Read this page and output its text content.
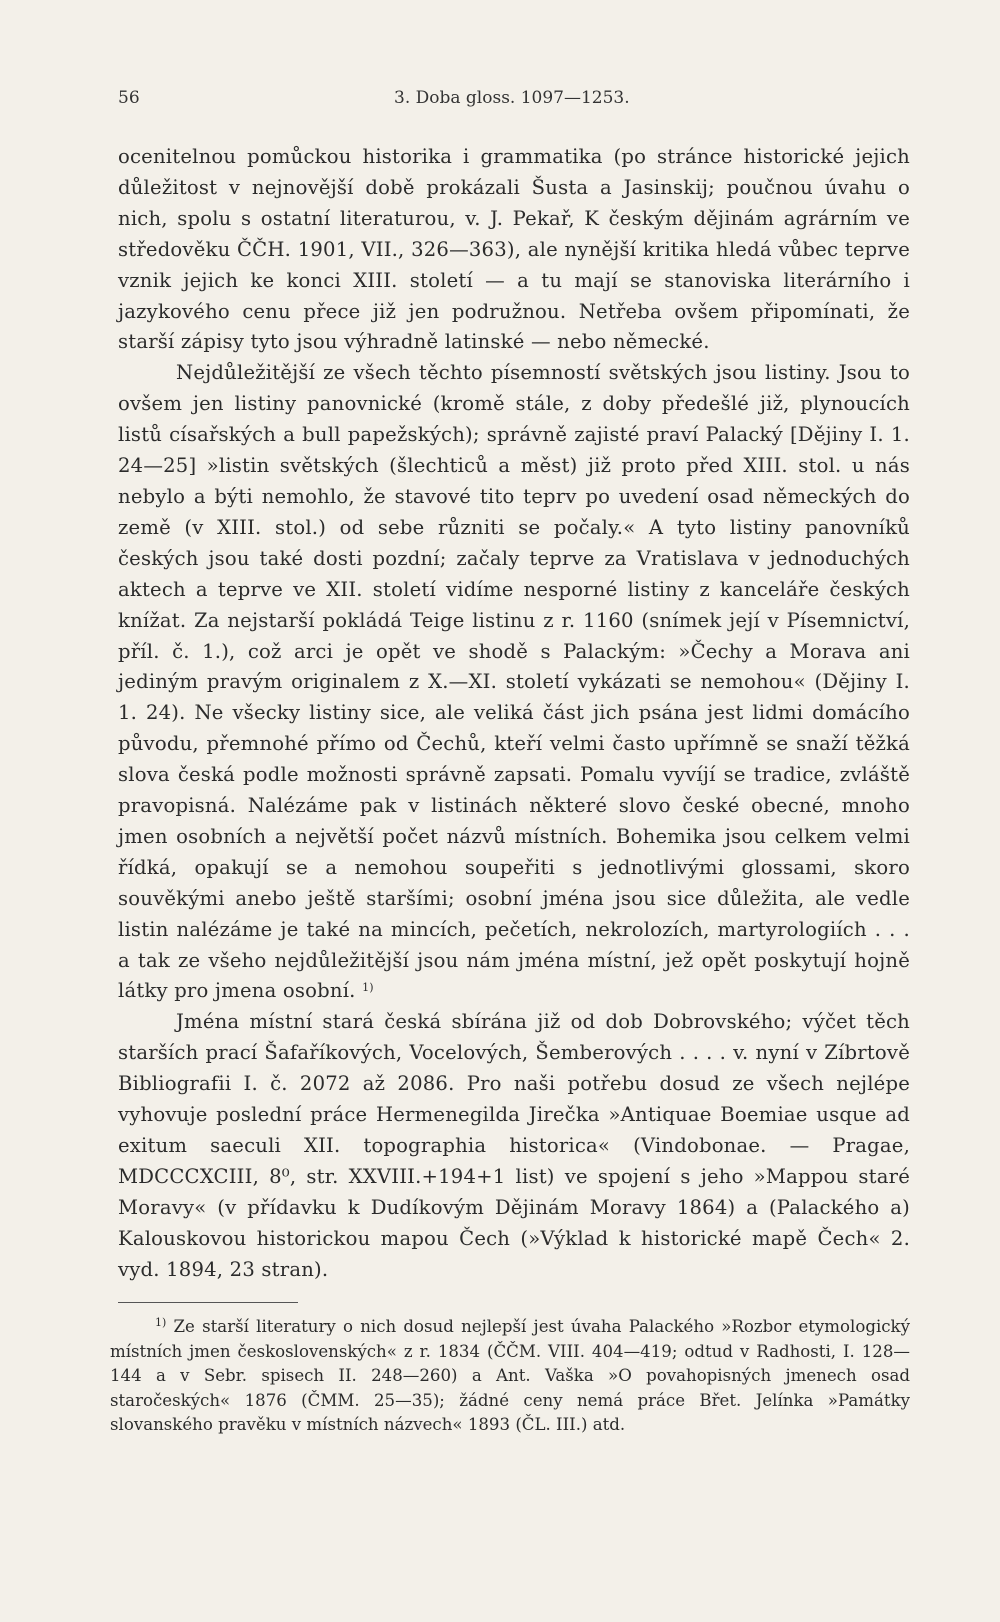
56	3. Doba gloss. 1097—1253.

ocenitelnou pomůckou historika i grammatika (po stránce historické jejich důležitost v nejnovější době prokázali Šusta a Jasinskij; poučnou úvahu o nich, spolu s ostatní literaturou, v. J. Pekař, K českým dějinám agrárním ve středověku ČČH. 1901, VII., 326—363), ale nynější kritika hledá vůbec teprve vznik jejich ke konci XIII. století — a tu mají se stanoviska literárního i jazykového cenu přece již jen podružnou. Netřeba ovšem připomínati, že starší zápisy tyto jsou výhradně latinské — nebo německé.

Nejdůležitější ze všech těchto písemností světských jsou listiny. Jsou to ovšem jen listiny panovnické (kromě stále, z doby předešlé již, plynoucích listů císařských a bull papežských); správně zajisté praví Palacký [Dějiny I. 1. 24—25] »listin světských (šlechticů a měst) již proto před XIII. stol. u nás nebylo a býti nemohlo, že stavové tito teprv po uvedení osad německých do země (v XIII. stol.) od sebe různiti se počaly.« A tyto listiny panovníků českých jsou také dosti pozdní; začaly teprve za Vratislava v jednoduchých aktech a teprve ve XII. století vidíme nesporné listiny z kanceláře českých knížat. Za nejstarší pokládá Teige listinu z r. 1160 (snímek její v Písemnictví, příl. č. 1.), což arci je opět ve shodě s Palackým: »Čechy a Morava ani jediným pravým originalem z X.—XI. století vykázati se nemohou« (Dějiny I. 1. 24). Ne všecky listiny sice, ale veliká část jich psána jest lidmi domácího původu, přemnohé přímo od Čechů, kteří velmi často upřímně se snaží těžká slova česká podle možnosti správně zapsati. Pomalu vyvíjí se tradice, zvláště pravopisná. Nalézáme pak v listinách některé slovo české obecné, mnoho jmen osobních a největší počet názvů místních. Bohemika jsou celkem velmi řídká, opakují se a nemohou soupeřiti s jednotlivými glossami, skoro souvěkými anebo ještě staršími; osobní jména jsou sice důležita, ale vedle listin nalézáme je také na mincích, pečetích, nekrolozích, martyrologiích . . . a tak ze všeho nejdůležitější jsou nám jména místní, jež opět poskytují hojně látky pro jmena osobní. $^{1)}$

Jména místní stará česká sbírána již od dob Dobrovského; výčet těch starších prací Šafaříkových, Vocelových, Šemberových . . . . v. nyní v Zíbrtově Bibliografii I. č. 2072 až 2086. Pro naši potřebu dosud ze všech nejlépe vyhovuje poslední práce Hermenegilda Jirečka »Antiquae Boemiae usque ad exitum saeculi XII. topographia historica« (Vindobonae. — Pragae, MDCCCXCIII, 8⁰, str. XXVIII.+194+1 list) ve spojení s jeho »Mappou staré Moravy« (v přídavku k Dudíkovým Dějinám Moravy 1864) a (Palackého a) Kalouskovou historickou mapou Čech (»Výklad k historické mapě Čech« 2. vyd. 1894, 23 stran).

$^{1)}$ Ze starší literatury o nich dosud nejlepší jest úvaha Palackého »Rozbor etymologický místních jmen československých« z r. 1834 (ČČM. VIII. 404—419; odtud v Radhosti, I. 128—144 a v Sebr. spisech II. 248—260) a Ant. Vaška »O povahopisných jmenech osad staročeských« 1876 (ČMM. 25—35); žádné ceny nemá práce Břet. Jelínka »Památky slovanského pravěku v místních názvech« 1893 (ČL. III.) atd.
